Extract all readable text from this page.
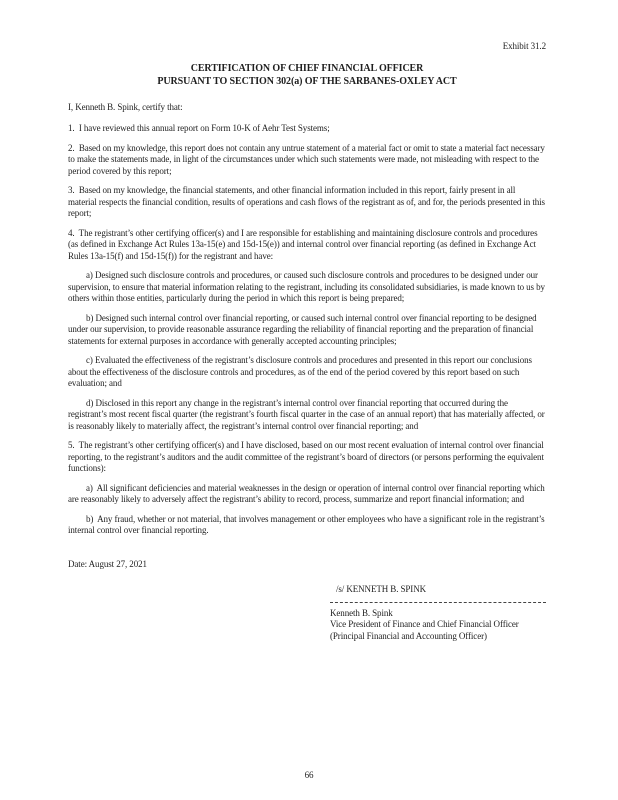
Exhibit 31.2
CERTIFICATION OF CHIEF FINANCIAL OFFICER
PURSUANT TO SECTION 302(a) OF THE SARBANES-OXLEY ACT

I, Kenneth B. Spink, certify that:

1.  I have reviewed this annual report on Form 10-K of Aehr Test Systems;

2.  Based on my knowledge, this report does not contain any untrue statement of a material fact or omit to state a material fact necessary to make the statements made, in light of the circumstances under which such statements were made, not misleading with respect to the period covered by this report;

3.  Based on my knowledge, the financial statements, and other financial information included in this report, fairly present in all material respects the financial condition, results of operations and cash flows of the registrant as of, and for, the periods presented in this report;

4.  The registrant’s other certifying officer(s) and I are responsible for establishing and maintaining disclosure controls and procedures (as defined in Exchange Act Rules 13a-15(e) and 15d-15(e)) and internal control over financial reporting (as defined in Exchange Act Rules 13a-15(f) and 15d-15(f)) for the registrant and have:

a) Designed such disclosure controls and procedures, or caused such disclosure controls and procedures to be designed under our supervision, to ensure that material information relating to the registrant, including its consolidated subsidiaries, is made known to us by others within those entities, particularly during the period in which this report is being prepared;

b) Designed such internal control over financial reporting, or caused such internal control over financial reporting to be designed under our supervision, to provide reasonable assurance regarding the reliability of financial reporting and the preparation of financial statements for external purposes in accordance with generally accepted accounting principles;

c) Evaluated the effectiveness of the registrant’s disclosure controls and procedures and presented in this report our conclusions about the effectiveness of the disclosure controls and procedures, as of the end of the period covered by this report based on such evaluation; and

d) Disclosed in this report any change in the registrant’s internal control over financial reporting that occurred during the registrant’s most recent fiscal quarter (the registrant’s fourth fiscal quarter in the case of an annual report) that has materially affected, or is reasonably likely to materially affect, the registrant’s internal control over financial reporting; and

5.  The registrant’s other certifying officer(s) and I have disclosed, based on our most recent evaluation of internal control over financial reporting, to the registrant’s auditors and the audit committee of the registrant’s board of directors (or persons performing the equivalent functions):

a)  All significant deficiencies and material weaknesses in the design or operation of internal control over financial reporting which are reasonably likely to adversely affect the registrant’s ability to record, process, summarize and report financial information; and

b)  Any fraud, whether or not material, that involves management or other employees who have a significant role in the registrant’s internal control over financial reporting.

Date: August 27, 2021

/s/ KENNETH B. SPINK
Kenneth B. Spink
Vice President of Finance and Chief Financial Officer
(Principal Financial and Accounting Officer)
66
